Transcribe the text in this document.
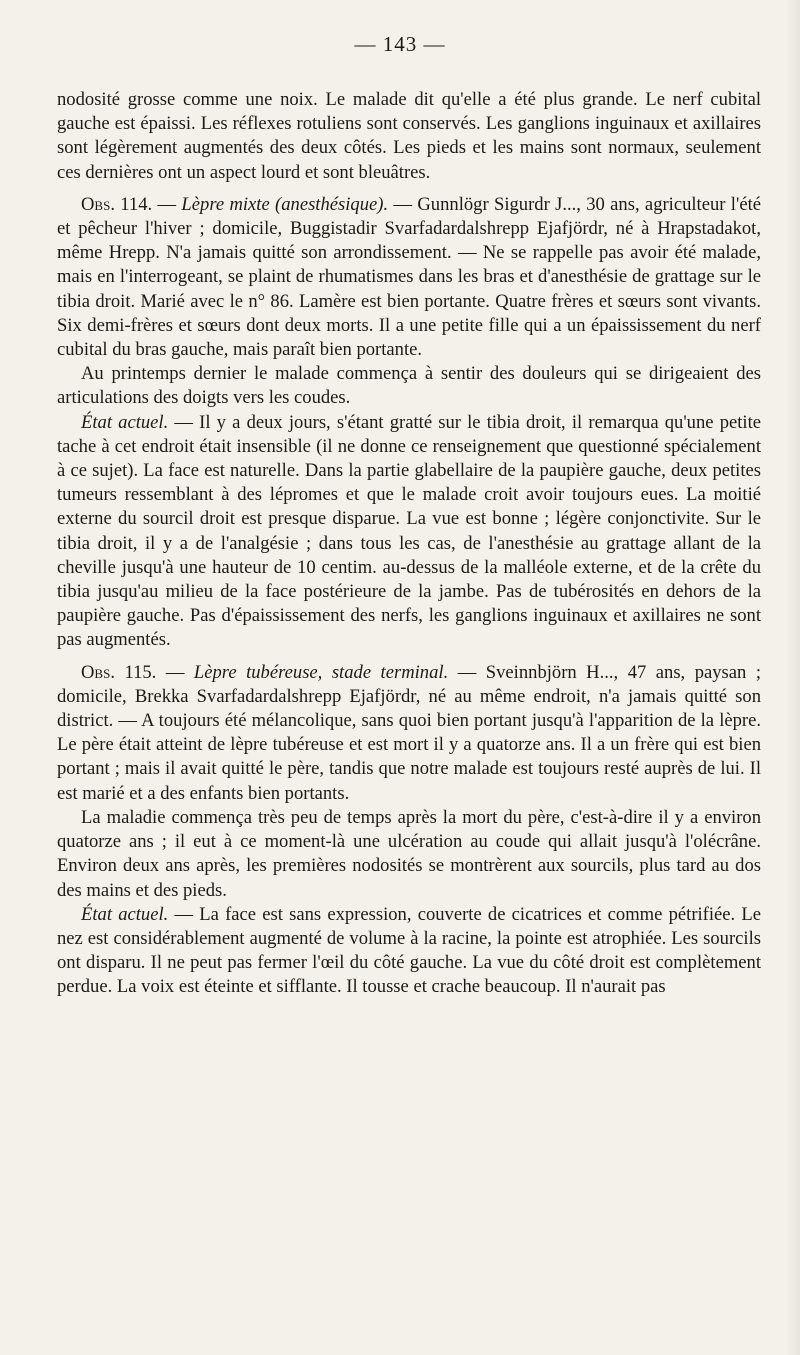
— 143 —

nodosité grosse comme une noix. Le malade dit qu'elle a été plus grande. Le nerf cubital gauche est épaissi. Les réflexes rotuliens sont conservés. Les ganglions inguinaux et axillaires sont légèrement augmentés des deux côtés. Les pieds et les mains sont normaux, seulement ces dernières ont un aspect lourd et sont bleuâtres.

Obs. 114. — Lèpre mixte (anesthésique). — Gunnlögr Sigurdr J..., 30 ans, agriculteur l'été et pêcheur l'hiver ; domicile, Buggistadir Svarfadardalshrepp Ejafjördr, né à Hrapstadakot, même Hrepp. N'a jamais quitté son arrondissement. — Ne se rappelle pas avoir été malade, mais en l'interrogeant, se plaint de rhumatismes dans les bras et d'anesthésie de grattage sur le tibia droit. Marié avec le n° 86. Lamère est bien portante. Quatre frères et sœurs sont vivants. Six demi-frères et sœurs dont deux morts. Il a une petite fille qui a un épaississement du nerf cubital du bras gauche, mais paraît bien portante.

Au printemps dernier le malade commença à sentir des douleurs qui se dirigeaient des articulations des doigts vers les coudes.

État actuel. — Il y a deux jours, s'étant gratté sur le tibia droit, il remarqua qu'une petite tache à cet endroit était insensible (il ne donne ce renseignement que questionné spécialement à ce sujet). La face est naturelle. Dans la partie glabellaire de la paupière gauche, deux petites tumeurs ressemblant à des lépromes et que le malade croit avoir toujours eues. La moitié externe du sourcil droit est presque disparue. La vue est bonne ; légère conjonctivite. Sur le tibia droit, il y a de l'analgésie ; dans tous les cas, de l'anesthésie au grattage allant de la cheville jusqu'à une hauteur de 10 centim. au-dessus de la malléole externe, et de la crête du tibia jusqu'au milieu de la face postérieure de la jambe. Pas de tubérosités en dehors de la paupière gauche. Pas d'épaississement des nerfs, les ganglions inguinaux et axillaires ne sont pas augmentés.

Obs. 115. — Lèpre tubéreuse, stade terminal. — Sveinnbjörn H..., 47 ans, paysan ; domicile, Brekka Svarfadardalshrepp Ejafjördr, né au même endroit, n'a jamais quitté son district. — A toujours été mélancolique, sans quoi bien portant jusqu'à l'apparition de la lèpre. Le père était atteint de lèpre tubéreuse et est mort il y a quatorze ans. Il a un frère qui est bien portant ; mais il avait quitté le père, tandis que notre malade est toujours resté auprès de lui. Il est marié et a des enfants bien portants.

La maladie commença très peu de temps après la mort du père, c'est-à-dire il y a environ quatorze ans ; il eut à ce moment-là une ulcération au coude qui allait jusqu'à l'olécrâne. Environ deux ans après, les premières nodosités se montrèrent aux sourcils, plus tard au dos des mains et des pieds.

État actuel. — La face est sans expression, couverte de cicatrices et comme pétrifiée. Le nez est considérablement augmenté de volume à la racine, la pointe est atrophiée. Les sourcils ont disparu. Il ne peut pas fermer l'œil du côté gauche. La vue du côté droit est complètement perdue. La voix est éteinte et sifflante. Il tousse et crache beaucoup. Il n'aurait pas
